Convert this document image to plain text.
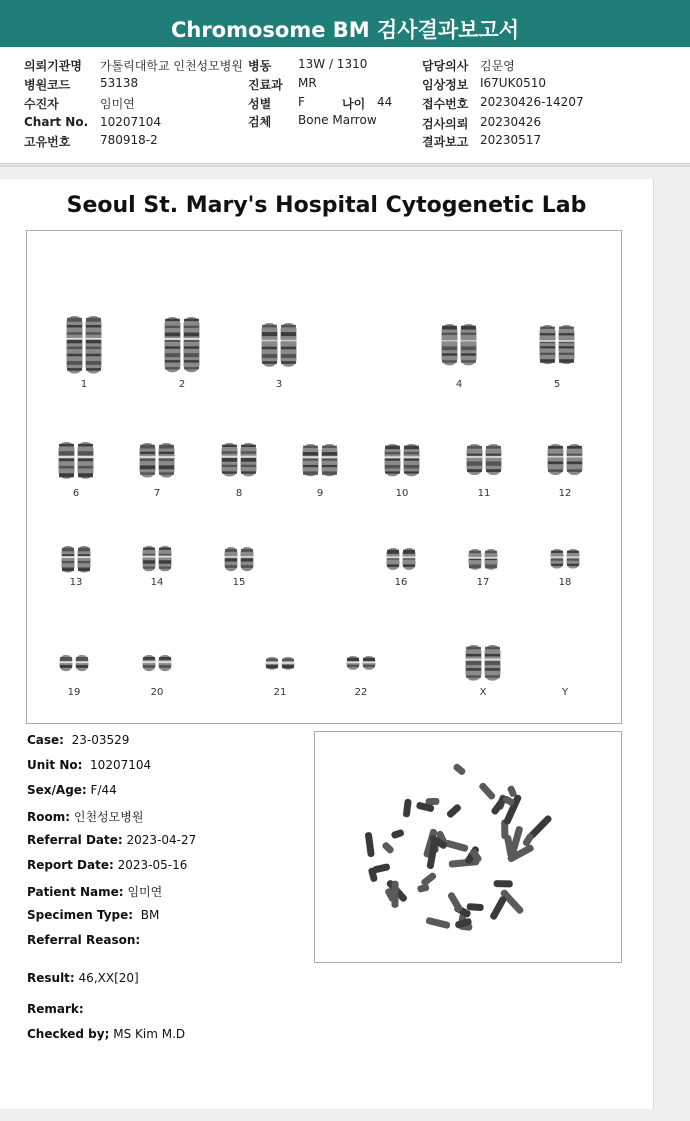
Chromosome BM 검사결과보고서
의뢰기관명 가톨릭대학교 인천성모병원 병동 13W / 1310	담당의사 김문영
병원코드 53138	진료과 MR	임상정보 I67UK0510
수진자	임미연	성별 F	나이 44 접수번호 20230426-14207
Chart No. 10207104	검체 Bone Marrow	검사의뢰 20230426
고유번호 780918-2	결과보고 20230517
Seoul St. Mary's Hospital Cytogenetic Lab
1	2	3	4	5
6	7	8	9	10	11	12
13	14	15	16	17	18
19	20	21	22	X	Y
Case: 23-03529
Unit No: 10207104
Sex/Age: F/44
Room: 인천성모병원
Referral Date: 2023-04-27
Report Date: 2023-05-16
Patient Name: 임미연
Specimen Type: BM
Referral Reason:
Result: 46,XX[20]
Remark:
Checked by; MS Kim M.D
